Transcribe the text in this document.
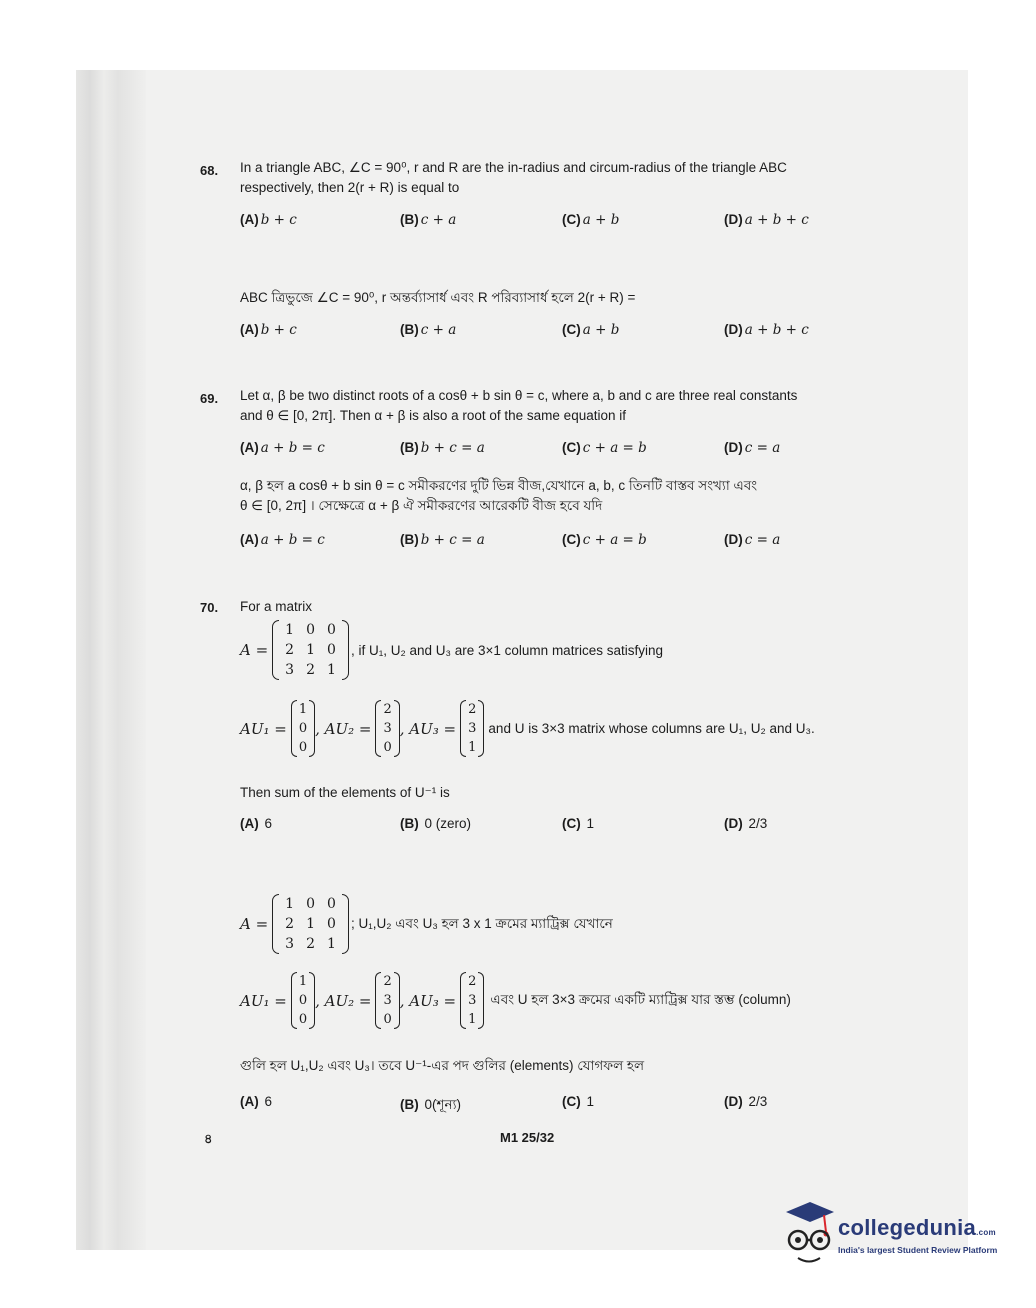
68. In a triangle ABC, ∠C = 90⁰, r and R are the in-radius and circum-radius of the triangle ABC
respectively, then 2(r + R) is equal to
(A) b + c	(B) c + a	(C) a + b	(D) a + b + c
ABC ত্রিভুজে ∠C = 90⁰, r অন্তর্ব্যাসার্ধ এবং R পরিব্যাসার্ধ হলে 2(r + R) =
(A) b + c	(B) c + a	(C) a + b	(D) a + b + c
69. Let α, β be two distinct roots of a cosθ + b sin θ = c, where a, b and c are three real constants
and θ ∈ [0, 2π]. Then α + β is also a root of the same equation if
(A) a + b = c	(B) b + c = a	(C) c + a = b	(D) c = a
α, β হল a cosθ + b sin θ = c সমীকরণের দুটি ভিন্ন বীজ,যেখানে a, b, c তিনটি বাস্তব সংখ্যা এবং
θ ∈ [0, 2π] । সেক্ষেত্রে α + β ঐ সমীকরণের আরেকটি বীজ হবে যদি
(A) a + b = c	(B) b + c = a	(C) c + a = b	(D) c = a
70. For a matrix
A =
1	0	0
2	1	0
3	2	1
, if U₁, U₂ and U₃ are 3×1 column matrices satisfying
AU₁ =
1
0
0
, AU₂ =
2
3
0
, AU₃ =
2
3
1
and U is 3×3 matrix whose columns are U₁, U₂ and U₃.
Then sum of the elements of U⁻¹ is
(A) 6	(B) 0 (zero)	(C) 1	(D) 2/3
A =
1	0	0
2	1	0
3	2	1
; U₁,U₂ এবং U₃ হল 3 x 1 ক্রমের ম্যাট্রিক্স যেখানে
AU₁ =
1
0
0
, AU₂ =
2
3
0
, AU₃ =
2
3
1
এবং U হল 3×3 ক্রমের একটি ম্যাট্রিক্স যার স্তম্ভ (column)
গুলি হল U₁,U₂ এবং U₃। তবে U⁻¹-এর পদ গুলির (elements) যোগফল হল
(A) 6	(B) 0(শূন্য)	(C) 1	(D) 2/3
৪	M1 25/32
collegedunia.com
India's largest Student Review Platform
